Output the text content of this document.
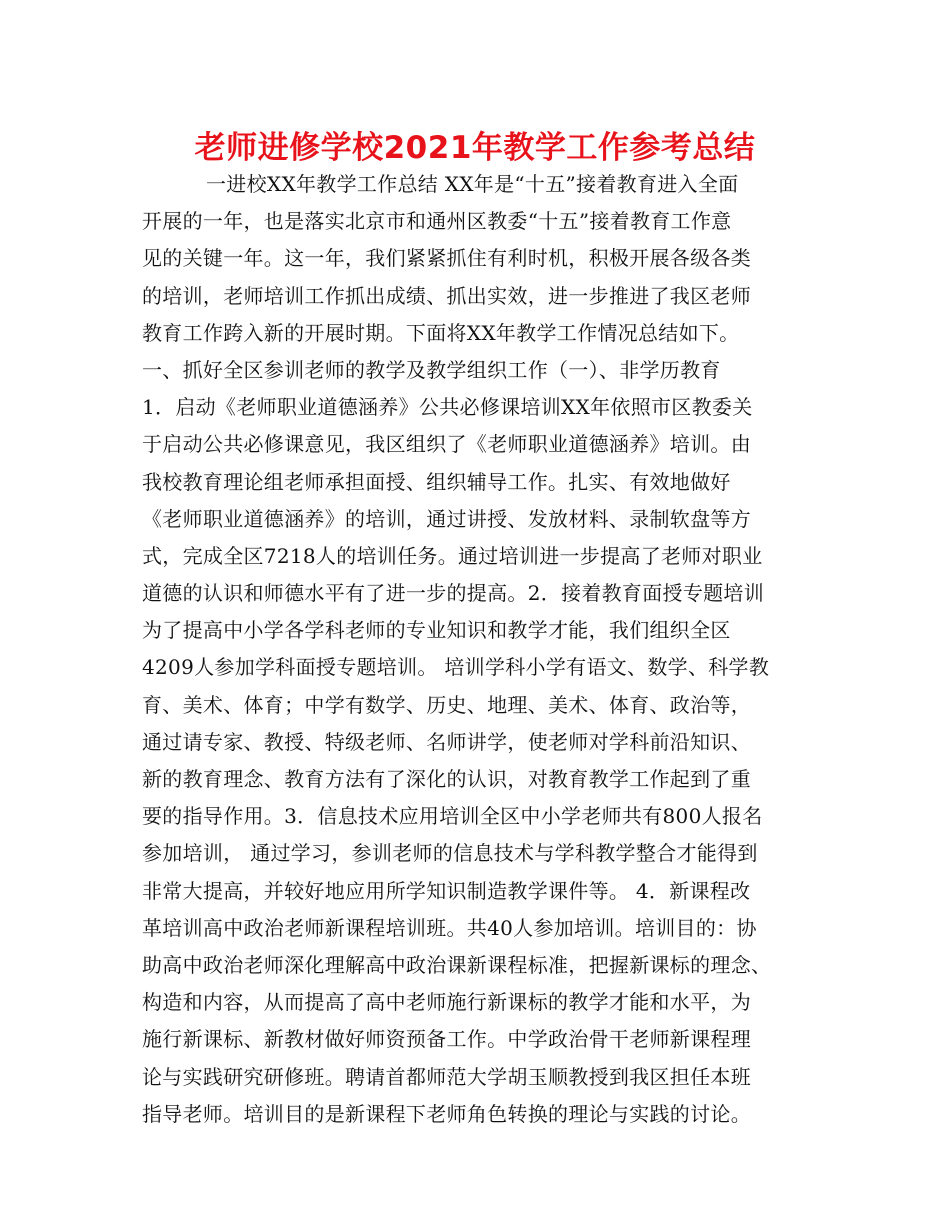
老师进修学校2021年教学工作参考总结
一进校XX年教学工作总结 XX年是“十五”接着教育进入全面
开展的一年，也是落实北京市和通州区教委“十五”接着教育工作意
见的关键一年。这一年，我们紧紧抓住有利时机，积极开展各级各类
的培训，老师培训工作抓出成绩、抓出实效，进一步推进了我区老师
教育工作跨入新的开展时期。下面将XX年教学工作情况总结如下。
一、抓好全区参训老师的教学及教学组织工作（一）、非学历教育
1．启动《老师职业道德涵养》公共必修课培训XX年依照市区教委关
于启动公共必修课意见，我区组织了《老师职业道德涵养》培训。由
我校教育理论组老师承担面授、组织辅导工作。扎实、有效地做好
《老师职业道德涵养》的培训，通过讲授、发放材料、录制软盘等方
式，完成全区7218人的培训任务。通过培训进一步提高了老师对职业
道德的认识和师德水平有了进一步的提高。2．接着教育面授专题培训
为了提高中小学各学科老师的专业知识和教学才能，我们组织全区
4209人参加学科面授专题培训。 培训学科小学有语文、数学、科学教
育、美术、体育；中学有数学、历史、地理、美术、体育、政治等，
通过请专家、教授、特级老师、名师讲学，使老师对学科前沿知识、
新的教育理念、教育方法有了深化的认识，对教育教学工作起到了重
要的指导作用。3．信息技术应用培训全区中小学老师共有800人报名
参加培训， 通过学习，参训老师的信息技术与学科教学整合才能得到
非常大提高，并较好地应用所学知识制造教学课件等。 4．新课程改
革培训高中政治老师新课程培训班。共40人参加培训。培训目的：协
助高中政治老师深化理解高中政治课新课程标准，把握新课标的理念、
构造和内容，从而提高了高中老师施行新课标的教学才能和水平，为
施行新课标、新教材做好师资预备工作。中学政治骨干老师新课程理
论与实践研究研修班。聘请首都师范大学胡玉顺教授到我区担任本班
指导老师。培训目的是新课程下老师角色转换的理论与实践的讨论。
